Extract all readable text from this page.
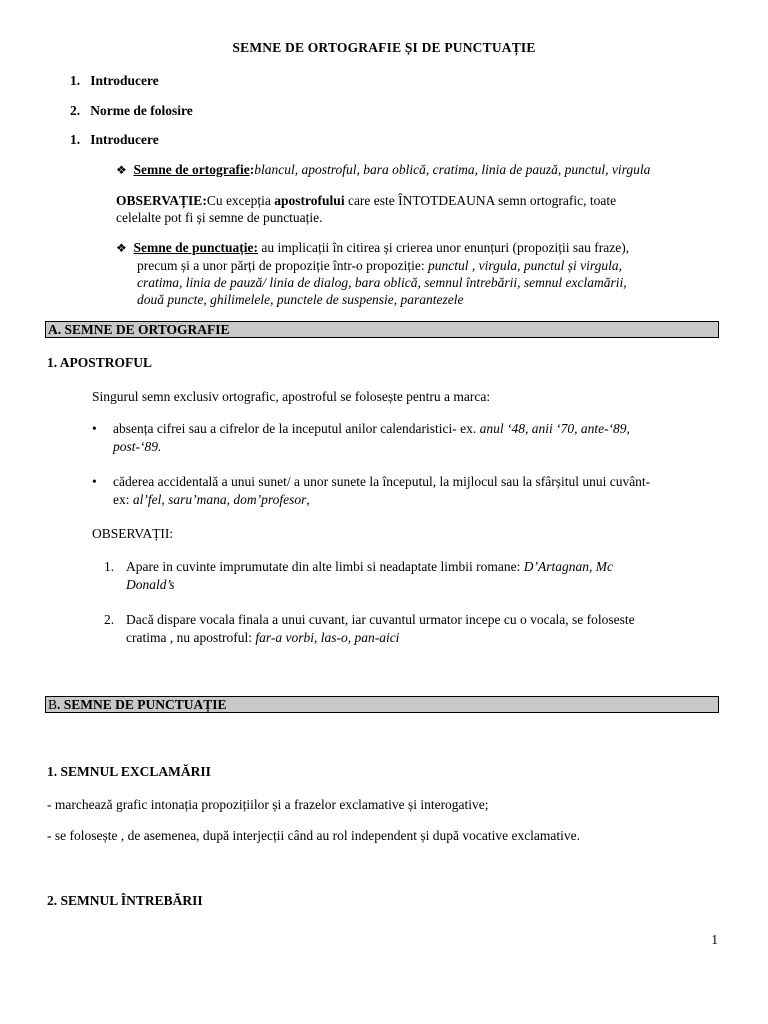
SEMNE DE ORTOGRAFIE ȘI DE PUNCTUAȚIE
1. Introducere
2. Norme de folosire
1. Introducere
❖ Semne de ortografie:blancul, apostroful, bara oblică, cratima, linia de pauză, punctul, virgula
OBSERVAȚIE:Cu excepția apostrofului care este ÎNTOTDEAUNA semn ortografic, toate
celelalte pot fi și semne de punctuație.
❖ Semne de punctuație: au implicații în citirea și crierea unor enunțuri (propoziții sau fraze),
precum și a unor părți de propoziție într-o propoziție: punctul , virgula, punctul și virgula,
cratima, linia de pauză/ linia de dialog, bara oblică, semnul întrebării, semnul exclamării,
două puncte, ghilimelele, punctele de suspensie, parantezele
A. SEMNE DE ORTOGRAFIE
1. APOSTROFUL
Singurul semn exclusiv ortografic, apostroful se folosește pentru a marca:
• absența cifrei sau a cifrelor de la inceputul anilor calendaristici- ex. anul ‘48, anii ‘70, ante-‘89,
post-‘89.
• căderea accidentală a unui sunet/ a unor sunete la începutul, la mijlocul sau la sfârșitul unui cuvânt-
ex: al’fel, saru’mana, dom’profesor,
OBSERVAȚII:
1. Apare in cuvinte imprumutate din alte limbi si neadaptate limbii romane: D’Artagnan, Mc
Donald’s
2. Dacă dispare vocala finala a unui cuvant, iar cuvantul urmator incepe cu o vocala, se foloseste
cratima , nu apostroful: far-a vorbi, las-o, pan-aici
B. SEMNE DE PUNCTUAȚIE
1. SEMNUL EXCLAMĂRII
- marchează grafic intonația propozițiilor și a frazelor exclamative și interogative;
- se folosește , de asemenea, după interjecții când au rol independent și după vocative exclamative.
2. SEMNUL ÎNTREBĂRII
1
